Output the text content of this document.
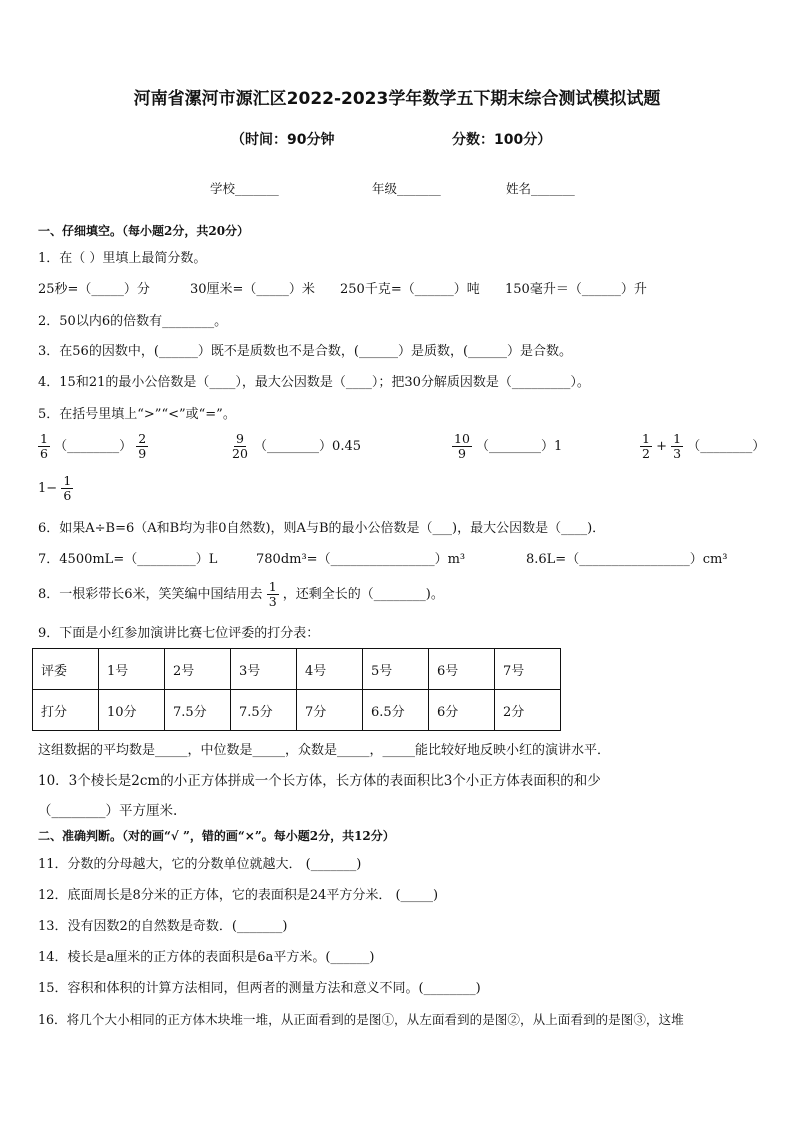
河南省漯河市源汇区2022-2023学年数学五下期末综合测试模拟试题
（时间：90分钟	分数：100分）
学校_______	年级_______	姓名_______
一、仔细填空。（每小题2分，共20分）
1．在（ ）里填上最简分数。
25秒=（_____）分	30厘米=（_____）米 250千克=（______）吨 150毫升＝（______）升
2．50以内6的倍数有________。
3．在56的因数中，(______）既不是质数也不是合数，(______）是质数，(______）是合数。
4．15和21的最小公倍数是（____），最大公因数是（____）；把30分解质因数是（_________）。
5．在括号里填上“>”“<”或“=”。
$\frac{1}{6}$ （________） $\frac{2}{9}$	$\frac{9}{20}$ （________）0.45	$\frac{10}{9}$ （________）1	$\frac{1}{2} + \frac{1}{3}$ （________）
$1- \frac{1}{6}$
6．如果A÷B=6（A和B均为非0自然数)，则A与B的最小公倍数是（___)，最大公因数是（____)．
7．4500mL=（_________）L	780dm³=（________________）m³	8.6L=（_________________）cm³
8．一根彩带长6米，笑笑编中国结用去 $\frac{1}{3}$ ，还剩全长的（________)。
9．下面是小红参加演讲比赛七位评委的打分表：
评委	1号	2号	3号	4号	5号	6号	7号
打分	10分	7.5分	7.5分	7分	6.5分	6分	2分
这组数据的平均数是_____，中位数是_____，众数是_____，_____能比较好地反映小红的演讲水平．
10．3个棱长是2cm的小正方体拼成一个长方体，长方体的表面积比3个小正方体表面积的和少
（________）平方厘米.
二、准确判断。（对的画“√ ”，错的画“×”。每小题2分，共12分）
11．分数的分母越大，它的分数单位就越大． (_______)
12．底面周长是8分米的正方体，它的表面积是24平方分米． (_____)
13．没有因数2的自然数是奇数．(_______)
14．棱长是a厘米的正方体的表面积是6a平方米。(______)
15．容积和体积的计算方法相同，但两者的测量方法和意义不同。(________)
16．将几个大小相同的正方体木块堆一堆，从正面看到的是图①，从左面看到的是图②，从上面看到的是图③，这堆
